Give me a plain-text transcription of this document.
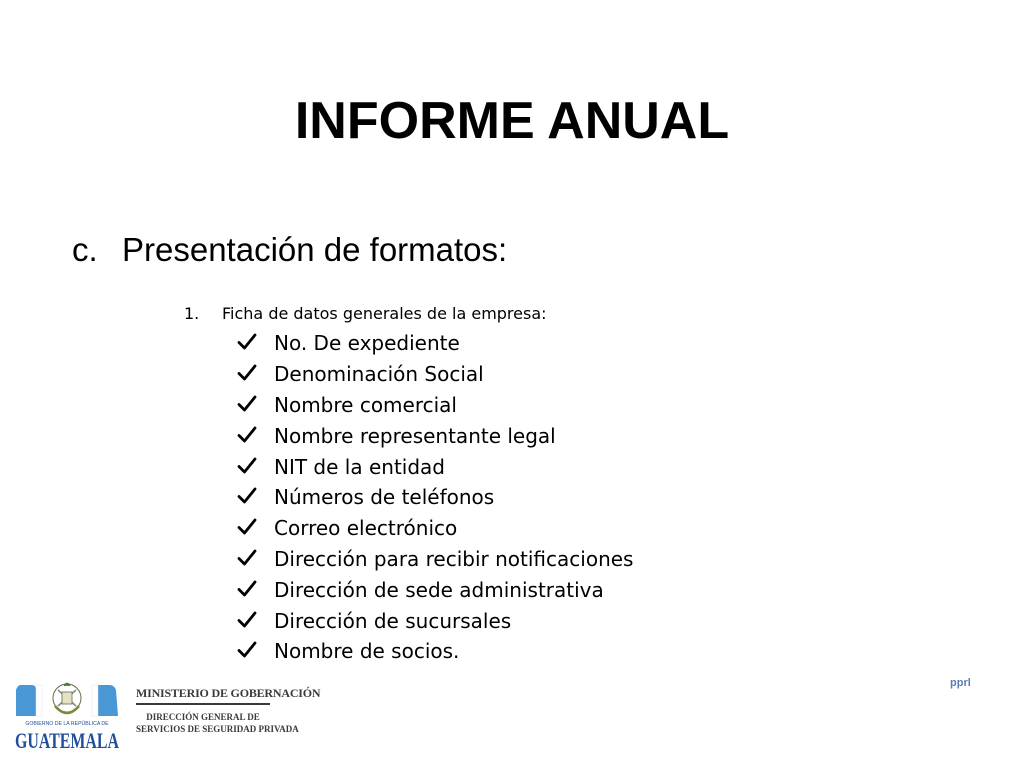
INFORME ANUAL
c. Presentación de formatos:
1. Ficha de datos generales de la empresa:
No. De expediente
Denominación Social
Nombre comercial
Nombre representante legal
NIT de la entidad
Números de teléfonos
Correo electrónico
Dirección para recibir notificaciones
Dirección de sede administrativa
Dirección de sucursales
Nombre de socios.
GOBIERNO DE LA REPÚBLICA DE
GUATEMALA
MINISTERIO DE GOBERNACIÓN
DIRECCIÓN GENERAL DE
SERVICIOS DE SEGURIDAD PRIVADA
pprl
